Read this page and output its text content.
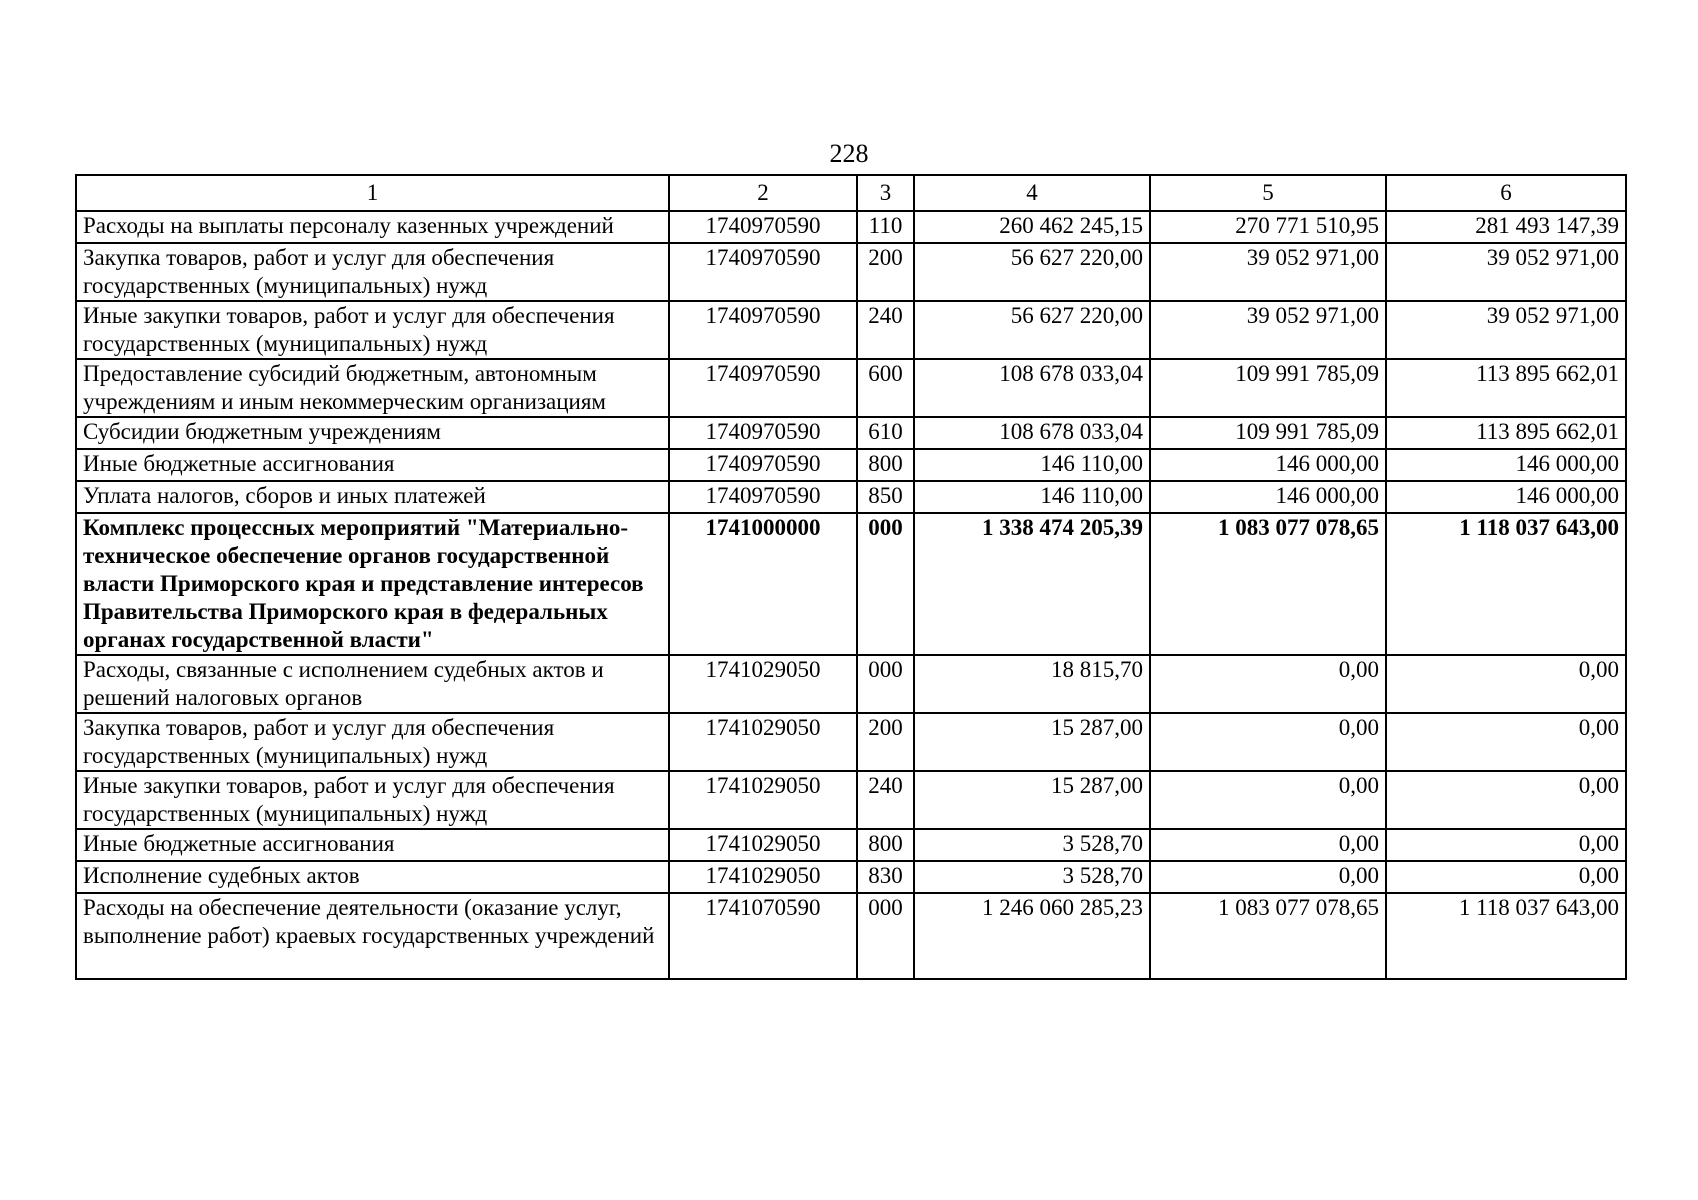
228
1	2	3	4	5	6
Расходы на выплаты персоналу казенных учреждений	1740970590	110	260 462 245,15	270 771 510,95	281 493 147,39
Закупка товаров, работ и услуг для обеспечения государственных (муниципальных) нужд	1740970590	200	56 627 220,00	39 052 971,00	39 052 971,00
Иные закупки товаров, работ и услуг для обеспечения государственных (муниципальных) нужд	1740970590	240	56 627 220,00	39 052 971,00	39 052 971,00
Предоставление субсидий бюджетным, автономным учреждениям и иным некоммерческим организациям	1740970590	600	108 678 033,04	109 991 785,09	113 895 662,01
Субсидии бюджетным учреждениям	1740970590	610	108 678 033,04	109 991 785,09	113 895 662,01
Иные бюджетные ассигнования	1740970590	800	146 110,00	146 000,00	146 000,00
Уплата налогов, сборов и иных платежей	1740970590	850	146 110,00	146 000,00	146 000,00
Комплекс процессных мероприятий "Материально-техническое обеспечение органов государственной власти Приморского края и представление интересов Правительства Приморского края в федеральных органах государственной власти"	1741000000	000	1 338 474 205,39	1 083 077 078,65	1 118 037 643,00
Расходы, связанные с исполнением судебных актов и решений налоговых органов	1741029050	000	18 815,70	0,00	0,00
Закупка товаров, работ и услуг для обеспечения государственных (муниципальных) нужд	1741029050	200	15 287,00	0,00	0,00
Иные закупки товаров, работ и услуг для обеспечения государственных (муниципальных) нужд	1741029050	240	15 287,00	0,00	0,00
Иные бюджетные ассигнования	1741029050	800	3 528,70	0,00	0,00
Исполнение судебных актов	1741029050	830	3 528,70	0,00	0,00
Расходы на обеспечение деятельности (оказание услуг, выполнение работ) краевых государственных учреждений	1741070590	000	1 246 060 285,23	1 083 077 078,65	1 118 037 643,00
